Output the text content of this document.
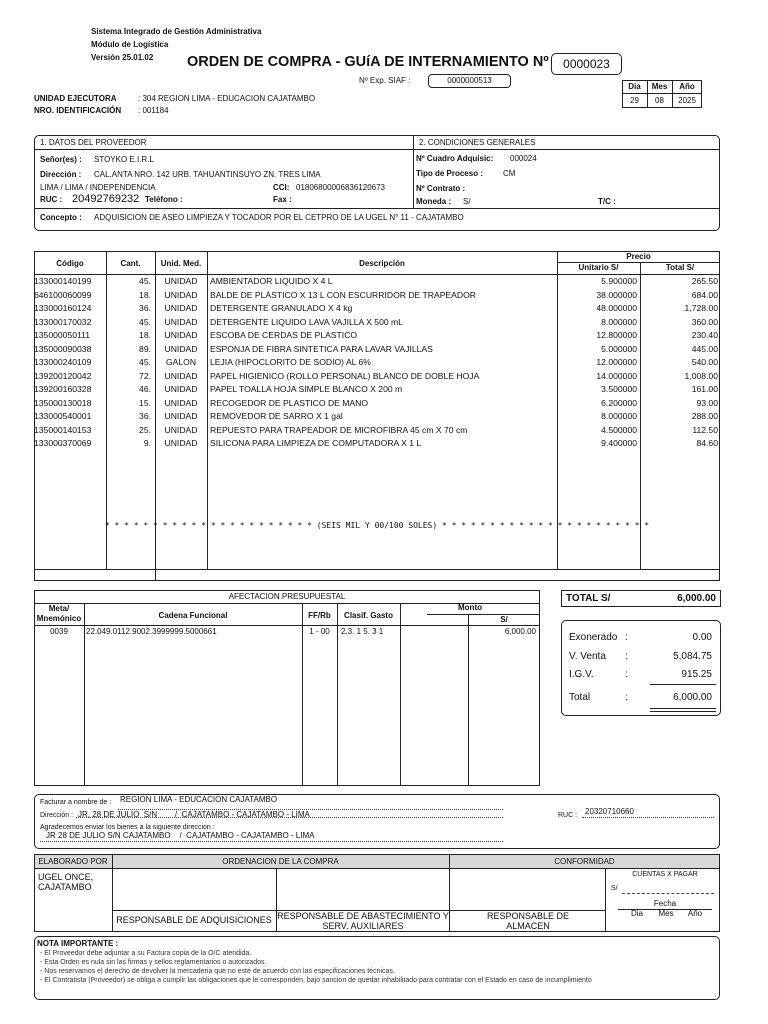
Sistema Integrado de Gestión Administrativa
Módulo de Logística
Versión 25.01.02 ORDEN DE COMPRA - GUíA DE INTERNAMIENTO Nº	0000023
Nº Exp. SIAF :	0000000513
Dia	Mes	Año
29	08	2025
UNIDAD EJECUTORA	: 304 REGION LIMA - EDUCACION CAJATAMBO
NRO. IDENTIFICACIÓN : 001184
1. DATOS DEL PROVEEDOR	2. CONDICIONES GENERALES
Señor(es) : STOYKO E.I.R.L
Dirección : CAL.ANTA NRO. 142 URB. TAHUANTINSUYO ZN. TRES LIMA
LIMA / LIMA / INDEPENDENCIA	CCI: 01806800006836120673
RUC : 20492769232 Teléfono :	Fax :
Nº Cuadro Adquisic: 000024
Tipo de Proceso :	CM
Nº Contrato :
Moneda : S/	T/C :
Concepto : ADQUISICION DE ASEO LIMPIEZA Y TOCADOR POR EL CETPRO DE LA UGEL N° 11 - CAJATAMBO
Código	Cant.	Unid. Med.	Descripción
Precio
Unitario S/	Total S/
133000140199	45.	UNIDAD	AMBIENTADOR LIQUIDO X 4 L	5.900000	265.50
646100060099	18.	UNIDAD	BALDE DE PLÁSTICO X 13 L CON ESCURRIDOR DE TRAPEADOR	38.000000	684.00
133000160124	36.	UNIDAD	DETERGENTE GRANULADO X 4 kg	48.000000	1,728.00
133000170032	45.	UNIDAD	DETERGENTE LIQUIDO LAVA VAJILLA X 500 mL	8.000000	360.00
135000050111	18.	UNIDAD	ESCOBA DE CERDAS DE PLASTICO	12.800000	230.40
135000090038	89.	UNIDAD	ESPONJA DE FIBRA SINTETICA PARA LAVAR VAJILLAS	5.000000	445.00
133000240109	45.	GALON	LEJIA (HIPOCLORITO DE SODIO) AL 6%	12.000000	540.00
139200120042	72.	UNIDAD	PAPEL HIGIENICO (ROLLO PERSONAL) BLANCO DE DOBLE HOJA	14.000000	1,008.00
139200160328	46.	UNIDAD	PAPEL TOALLA HOJA SIMPLE BLANCO X 200 m	3.500000	161.00
135000130018	15.	UNIDAD	RECOGEDOR DE PLASTICO DE MANO	6.200000	93.00
133000540001	36.	UNIDAD	REMOVEDOR DE SARRO X 1 gal	8.000000	288.00
135000140153	25.	UNIDAD	REPUESTO PARA TRAPEADOR DE MICROFIBRA 45 cm X 70 cm	4.500000	112.50
133000370069	9.	UNIDAD	SILICONA PARA LIMPIEZA DE COMPUTADORA X 1 L	9.400000	84.60
* * * * * * * * * * * * * * * * * * * * * * (SEIS MIL Y 00/100 SOLES) * * * * * * * * * * * * * * * * * * * * * *
AFECTACION PRESUPUESTAL
Meta/ Mnemónico	Cadena Funcional	FF/Rb	Clasif. Gasto
Monto
S/
0039	22.049.0112.9002.3999999.5000661	1 - 00	2.3. 1 5. 3 1	6,000.00
TOTAL S/	6,000.00
Exonerado :	0.00
V. Venta :	5,084.75
I.G.V.	:	915.25
Total	:	6,000.00
Facturar a nombre de : REGION LIMA - EDUCACION CAJATAMBO
Dirección : JR. 28 DE JULIO  S/N        /  CAJATAMBO - CAJATAMBO - LIMA	RUC : 20320710660
Agradecemos enviar los bienes a la siguiente direccion :
JR 28 DE JULIO S/N CAJATAMBO    /  CAJATAMBO - CAJATAMBO - LIMA
ELABORADO POR	ORDENACION DE LA COMPRA	CONFORMIDAD
UGEL ONCE, CAJATAMBO
RESPONSABLE DE ADQUISICIONES RESPONSABLE DE ABASTECIMIENTO Y SERV. AUXILIARES
RESPONSABLE DE ALMACEN
CUENTAS X PAGAR
S/
Fecha
Dia	Mes	Año
NOTA IMPORTANTE :
- El Proveedor debe adjuntar a su Factura copia de la O/C atendida.
- Esta Orden es nula sin las firmas y sellos reglamentarios o autorizados.
- Nos reservamos el derecho de devolver la mercaderia que no esté de acuerdo con las especificaciones técnicas.
- El Contratista (Proveedor) se obliga a cumplir las obligaciones que le corresponden, bajo sancion de quedar inhabilitado para contratar con el Estado en caso de incumplimiento
